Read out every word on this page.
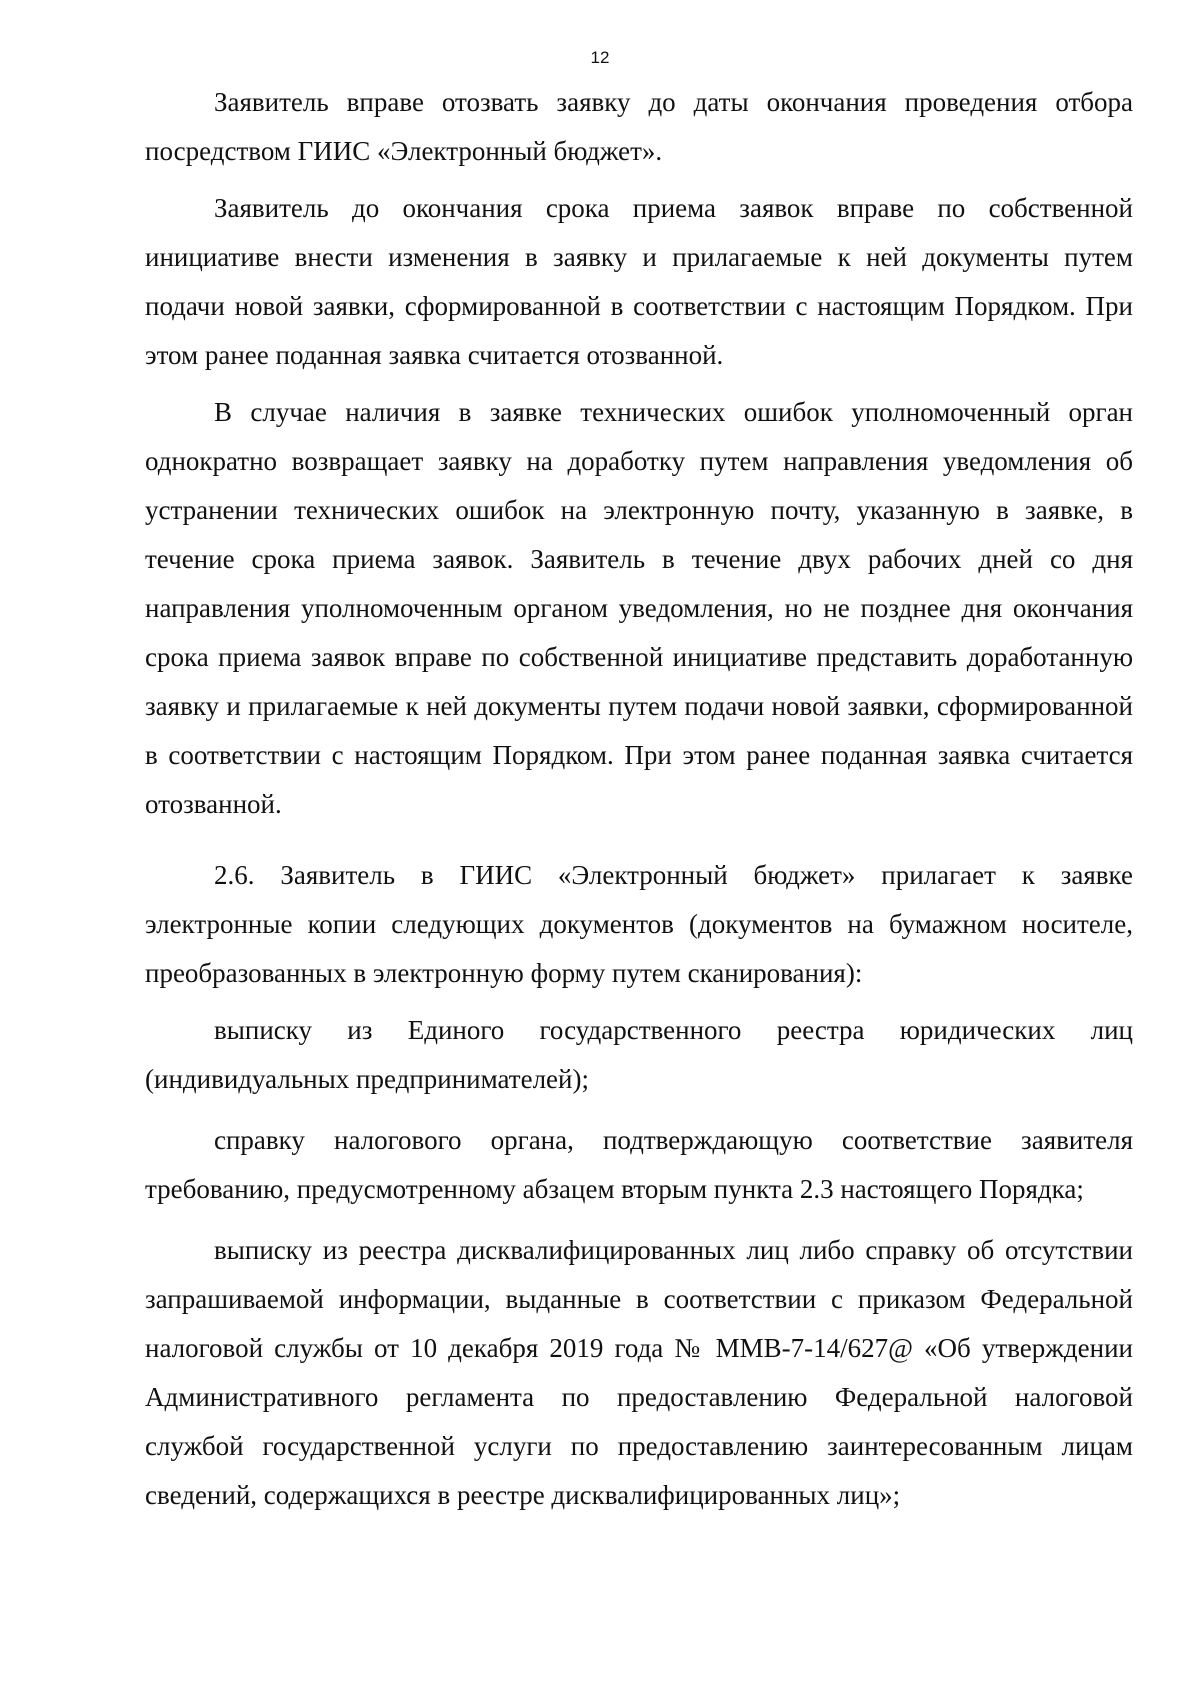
12

Заявитель вправе отозвать заявку до даты окончания проведения отбора посредством ГИИС «Электронный бюджет».

Заявитель до окончания срока приема заявок вправе по собственной инициативе внести изменения в заявку и прилагаемые к ней документы путем подачи новой заявки, сформированной в соответствии с настоящим Порядком. При этом ранее поданная заявка считается отозванной.

В случае наличия в заявке технических ошибок уполномоченный орган однократно возвращает заявку на доработку путем направления уведомления об устранении технических ошибок на электронную почту, указанную в заявке, в течение срока приема заявок. Заявитель в течение двух рабочих дней со дня направления уполномоченным органом уведомления, но не позднее дня окончания срока приема заявок вправе по собственной инициативе представить доработанную заявку и прилагаемые к ней документы путем подачи новой заявки, сформированной в соответствии с настоящим Порядком. При этом ранее поданная заявка считается отозванной.

2.6. Заявитель в ГИИС «Электронный бюджет» прилагает к заявке электронные копии следующих документов (документов на бумажном носителе, преобразованных в электронную форму путем сканирования):

выписку из Единого государственного реестра юридических лиц (индивидуальных предпринимателей);

справку налогового органа, подтверждающую соответствие заявителя требованию, предусмотренному абзацем вторым пункта 2.3 настоящего Порядка;

выписку из реестра дисквалифицированных лиц либо справку об отсутствии запрашиваемой информации, выданные в соответствии с приказом Федеральной налоговой службы от 10 декабря 2019 года № ММВ-7-14/627@ «Об утверждении Административного регламента по предоставлению Федеральной налоговой службой государственной услуги по предоставлению заинтересованным лицам сведений, содержащихся в реестре дисквалифицированных лиц»;
